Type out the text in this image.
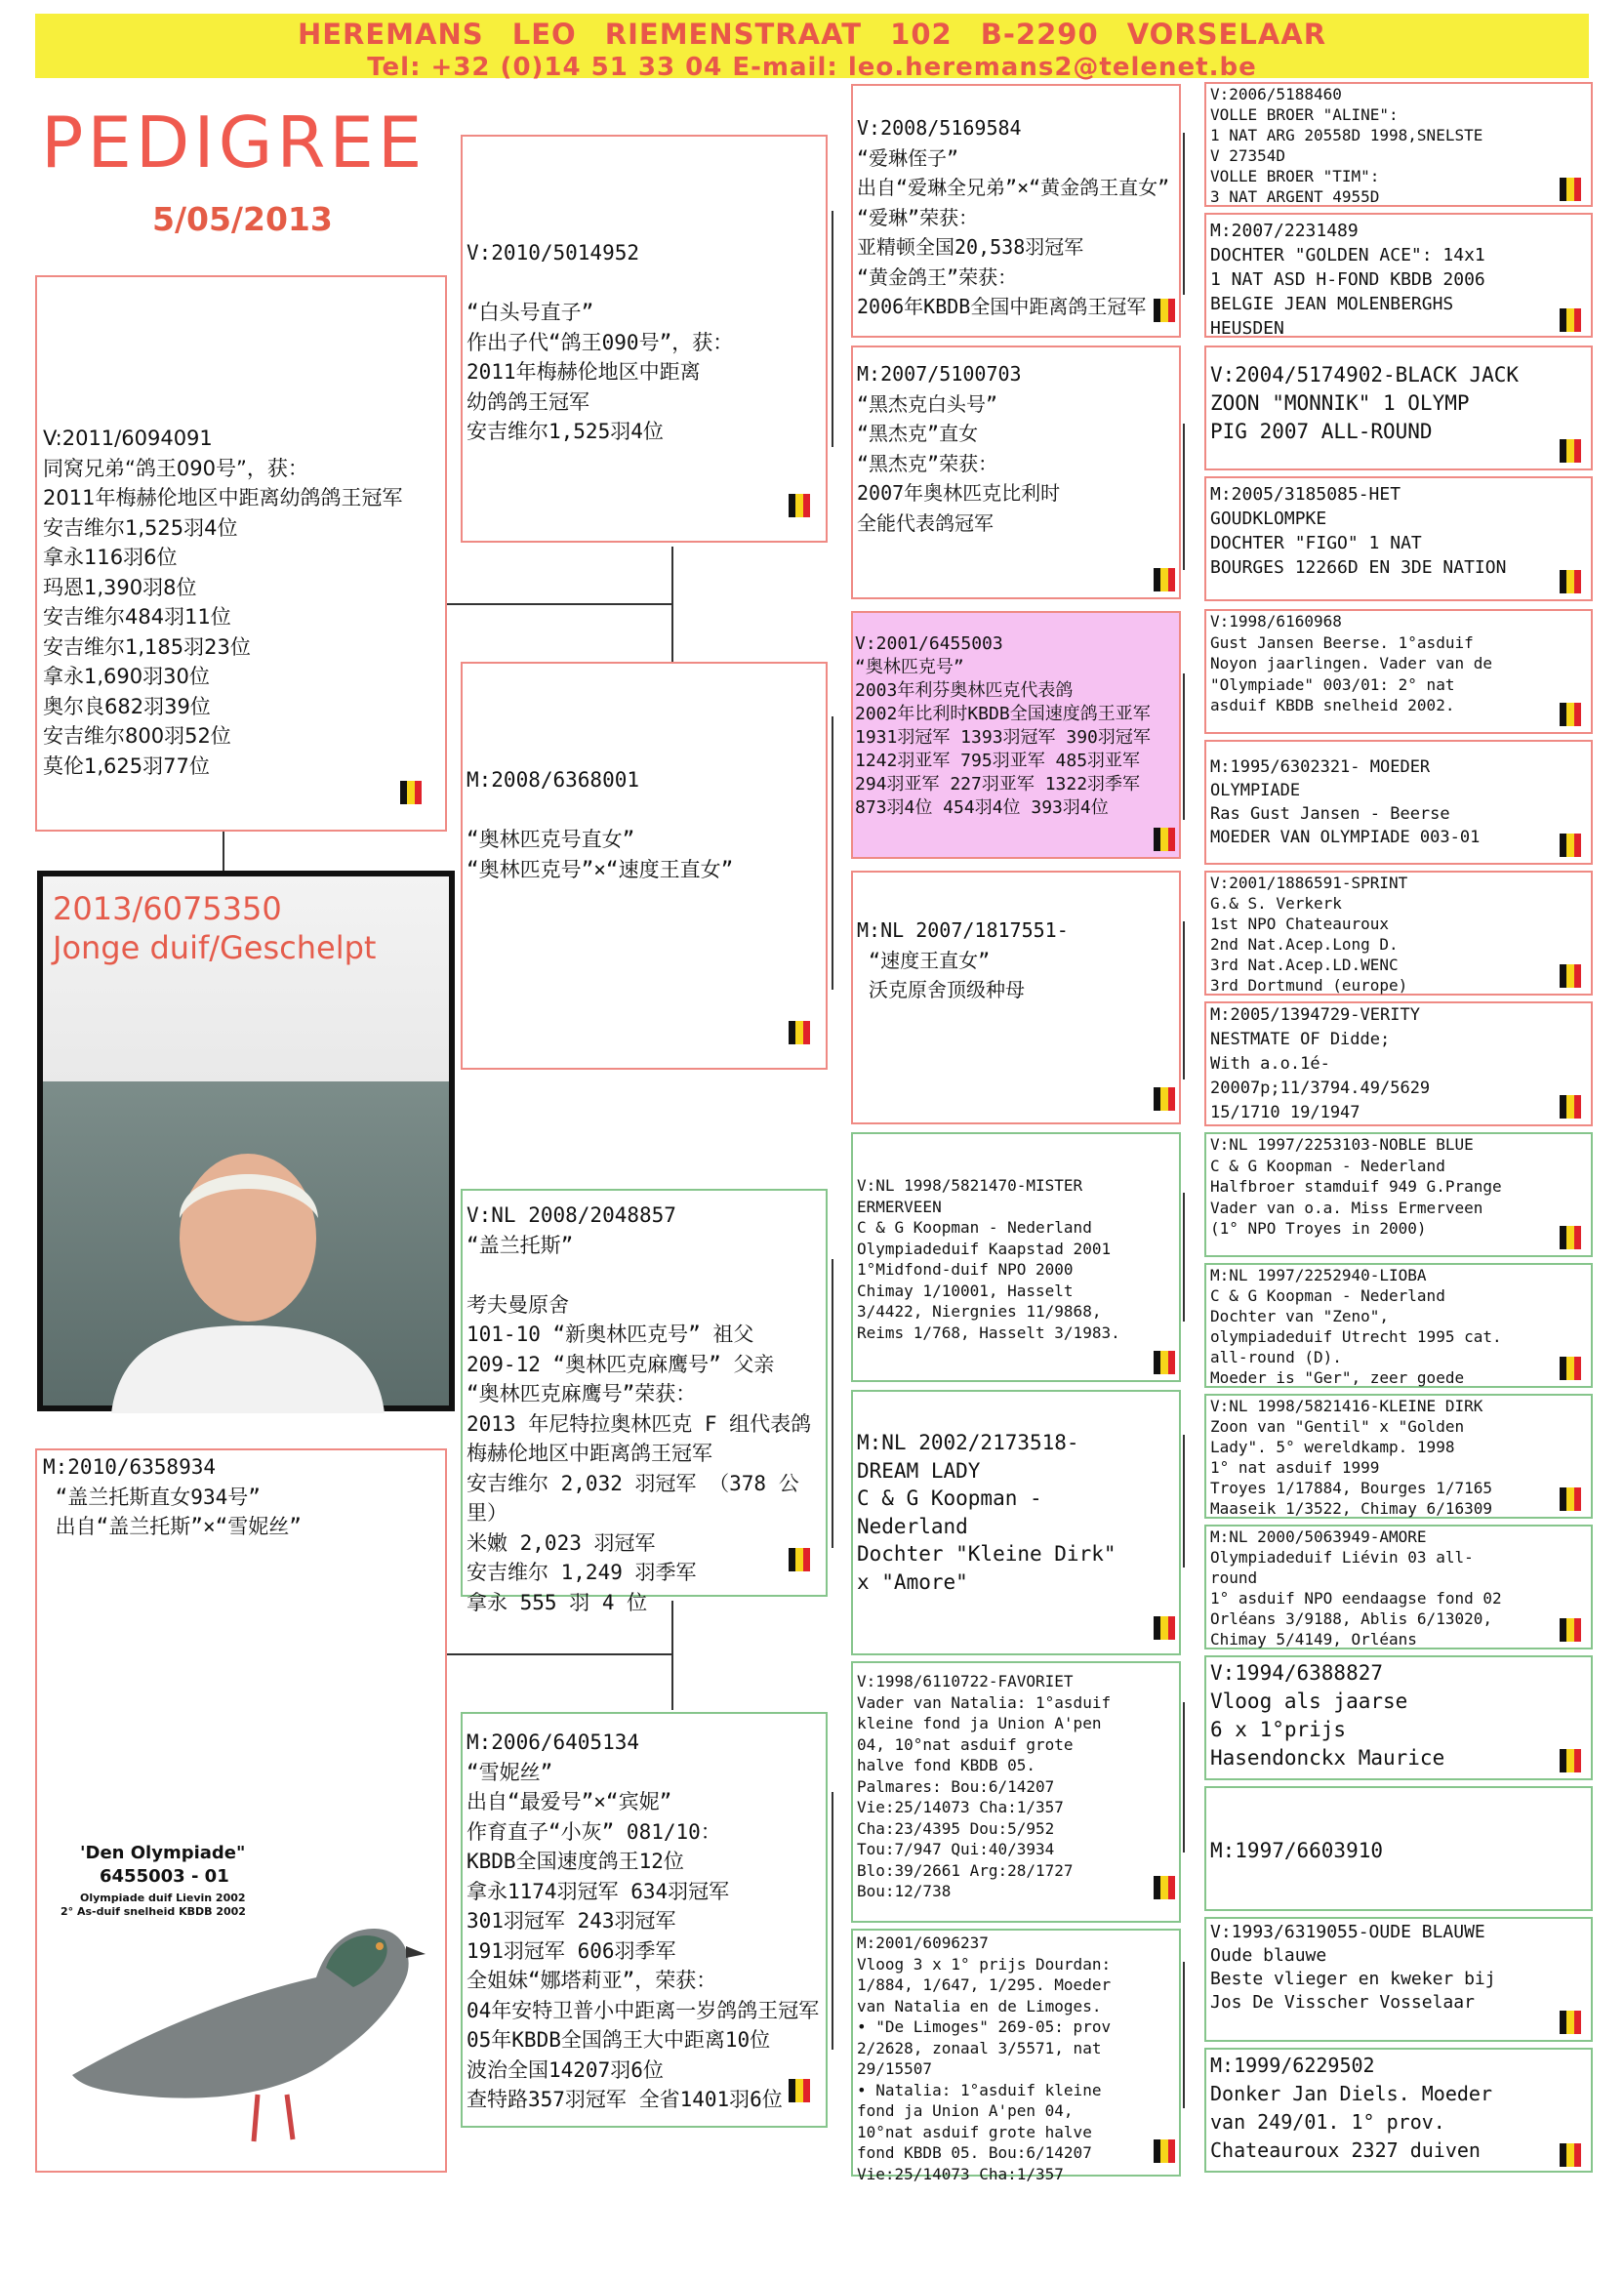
HEREMANS LEO RIEMENSTRAAT 102 B-2290 VORSELAAR
Tel: +32 (0)14 51 33 04 E-mail: leo.heremans2@telenet.be
PEDIGREE
5/05/2013
V:2011/6094091
同窝兄弟“鸽王090号”，获：
2011年梅赫伦地区中距离幼鸽鸽王冠军
安吉维尔1,525羽4位
拿永116羽6位
玛恩1,390羽8位
安吉维尔484羽11位
安吉维尔1,185羽23位
拿永1,690羽30位
奥尔良682羽39位
安吉维尔800羽52位
莫伦1,625羽77位
2013/6075350
Jonge duif/Geschelpt
M:2010/6358934
“盖兰托斯直女934号”
出自“盖兰托斯”×“雪妮丝”
'Den Olympiade"
6455003 - 01
Olympiade duif Lievin 2002
2° As-duif snelheid KBDB 2002
V:2010/5014952

“白头号直子”
作出子代“鸽王090号”，获：
2011年梅赫伦地区中距离
幼鸽鸽王冠军
安吉维尔1,525羽4位
M:2008/6368001

“奥林匹克号直女”
“奥林匹克号”×“速度王直女”
V:NL 2008/2048857
“盖兰托斯”

考夫曼原舍
101-10 “新奥林匹克号” 祖父
209-12 “奥林匹克麻鹰号” 父亲
“奥林匹克麻鹰号”荣获：
2013 年尼特拉奥林匹克 F 组代表鸽
梅赫伦地区中距离鸽王冠军
安吉维尔 2,032 羽冠军 （378 公里）
米嫩 2,023 羽冠军
安吉维尔 1,249 羽季军
拿永 555 羽 4 位
M:2006/6405134
“雪妮丝”
出自“最爱号”×“宾妮”
作育直子“小灰” 081/10：
KBDB全国速度鸽王12位
拿永1174羽冠军 634羽冠军
301羽冠军 243羽冠军
191羽冠军 606羽季军
全姐妹“娜塔莉亚”，荣获：
04年安特卫普小中距离一岁鸽鸽王冠军
05年KBDB全国鸽王大中距离10位
波治全国14207羽6位
查特路357羽冠军 全省1401羽6位
V:2008/5169584
“爱琳侄子”
出自“爱琳全兄弟”×“黄金鸽王直女”
“爱琳”荣获：
亚精顿全国20,538羽冠军
“黄金鸽王”荣获：
2006年KBDB全国中距离鸽王冠军
M:2007/5100703
“黑杰克白头号”
“黑杰克”直女
“黑杰克”荣获：
2007年奥林匹克比利时
全能代表鸽冠军
V:2001/6455003
“奥林匹克号”
2003年利芬奥林匹克代表鸽
2002年比利时KBDB全国速度鸽王亚军
1931羽冠军 1393羽冠军 390羽冠军
1242羽亚军 795羽亚军 485羽亚军
294羽亚军 227羽亚军 1322羽季军
873羽4位 454羽4位 393羽4位
M:NL 2007/1817551-
“速度王直女”
沃克原舍顶级种母
V:NL 1998/5821470-MISTER
ERMERVEEN
C & G Koopman - Nederland
Olympiadeduif Kaapstad 2001
1°Midfond-duif NPO 2000
Chimay 1/10001, Hasselt
3/4422, Niergnies 11/9868,
Reims 1/768, Hasselt 3/1983.
M:NL 2002/2173518-
DREAM LADY
C & G Koopman -
Nederland
Dochter "Kleine Dirk"
x "Amore"
V:1998/6110722-FAVORIET
Vader van Natalia: 1°asduif
kleine fond ja Union A'pen
04, 10°nat asduif grote
halve fond KBDB 05.
Palmares: Bou:6/14207
Vie:25/14073 Cha:1/357
Cha:23/4395 Dou:5/952
Tou:7/947 Qui:40/3934
Blo:39/2661 Arg:28/1727
Bou:12/738
M:2001/6096237
Vloog 3 x 1° prijs Dourdan:
1/884, 1/647, 1/295. Moeder
van Natalia en de Limoges.
• "De Limoges" 269-05: prov
2/2628, zonaal 3/5571, nat
29/15507
• Natalia: 1°asduif kleine
fond ja Union A'pen 04,
10°nat asduif grote halve
fond KBDB 05. Bou:6/14207
Vie:25/14073 Cha:1/357
V:2006/5188460
VOLLE BROER "ALINE":
1 NAT ARG 20558D 1998,SNELSTE
V 27354D
VOLLE BROER "TIM":
3 NAT ARGENT 4955D
M:2007/2231489
DOCHTER "GOLDEN ACE": 14x1
1 NAT ASD H-FOND KBDB 2006
BELGIE JEAN MOLENBERGHS
HEUSDEN
V:2004/5174902-BLACK JACK
ZOON "MONNIK" 1 OLYMP
PIG 2007 ALL-ROUND
M:2005/3185085-HET
GOUDKLOMPKE
DOCHTER "FIGO" 1 NAT
BOURGES 12266D EN 3DE NATION
V:1998/6160968
Gust Jansen Beerse. 1°asduif
Noyon jaarlingen. Vader van de
"Olympiade" 003/01: 2° nat
asduif KBDB snelheid 2002.
M:1995/6302321- MOEDER
OLYMPIADE
Ras Gust Jansen - Beerse
MOEDER VAN OLYMPIADE 003-01
V:2001/1886591-SPRINT
G.& S. Verkerk
1st NPO Chateauroux
2nd Nat.Acep.Long D.
3rd Nat.Acep.LD.WENC
3rd Dortmund (europe)
M:2005/1394729-VERITY
NESTMATE OF Didde;
With a.o.1é-
20007p;11/3794.49/5629
15/1710 19/1947
V:NL 1997/2253103-NOBLE BLUE
C & G Koopman - Nederland
Halfbroer stamduif 949 G.Prange
Vader van o.a. Miss Ermerveen
(1° NPO Troyes in 2000)
M:NL 1997/2252940-LIOBA
C & G Koopman - Nederland
Dochter van "Zeno",
olympiadeduif Utrecht 1995 cat.
all-round (D).
Moeder is "Ger", zeer goede
V:NL 1998/5821416-KLEINE DIRK
Zoon van "Gentil" x "Golden
Lady". 5° wereldkamp. 1998
1° nat asduif 1999
Troyes 1/17884, Bourges 1/7165
Maaseik 1/3522, Chimay 6/16309
M:NL 2000/5063949-AMORE
Olympiadeduif Liévin 03 all-
round
1° asduif NPO eendaagse fond 02
Orléans 3/9188, Ablis 6/13020,
Chimay 5/4149, Orléans
V:1994/6388827
Vloog als jaarse
6 x 1°prijs
Hasendonckx Maurice
M:1997/6603910
V:1993/6319055-OUDE BLAUWE
Oude blauwe
Beste vlieger en kweker bij
Jos De Visscher Vosselaar
M:1999/6229502
Donker Jan Diels. Moeder
van 249/01. 1° prov.
Chateauroux 2327 duiven
